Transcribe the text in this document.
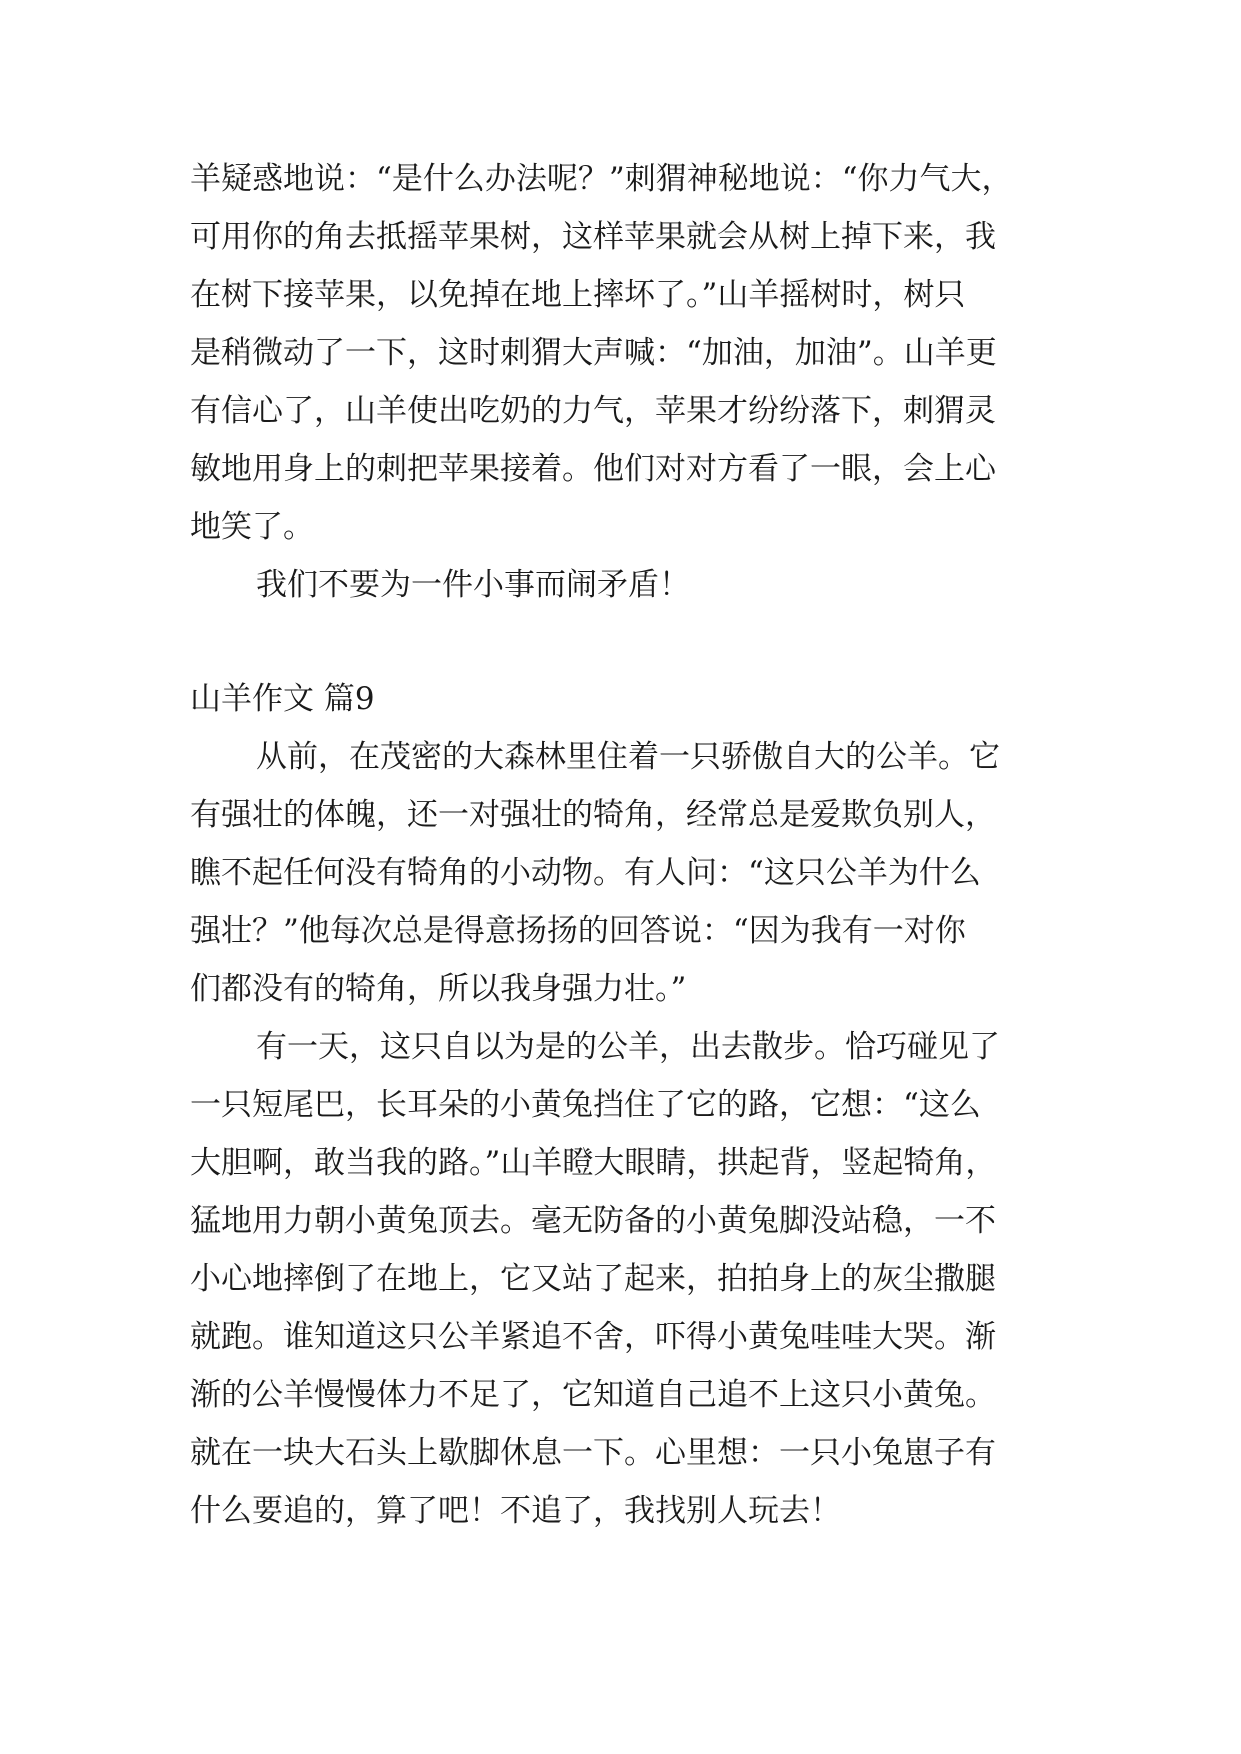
羊疑惑地说：“是什么办法呢？”刺猬神秘地说：“你力气大，
可用你的角去抵摇苹果树，这样苹果就会从树上掉下来，我
在树下接苹果，以免掉在地上摔坏了。”山羊摇树时，树只
是稍微动了一下，这时刺猬大声喊：“加油，加油”。山羊更
有信心了，山羊使出吃奶的力气，苹果才纷纷落下，刺猬灵
敏地用身上的刺把苹果接着。他们对对方看了一眼，会上心
地笑了。

我们不要为一件小事而闹矛盾！

山羊作文 篇9

从前，在茂密的大森林里住着一只骄傲自大的公羊。它
有强壮的体魄，还一对强壮的犄角，经常总是爱欺负别人，
瞧不起任何没有犄角的小动物。有人问：“这只公羊为什么
强壮？”他每次总是得意扬扬的回答说：“因为我有一对你
们都没有的犄角，所以我身强力壮。”

有一天，这只自以为是的公羊，出去散步。恰巧碰见了
一只短尾巴，长耳朵的小黄兔挡住了它的路，它想：“这么
大胆啊，敢当我的路。”山羊瞪大眼睛，拱起背，竖起犄角，
猛地用力朝小黄兔顶去。毫无防备的小黄兔脚没站稳，一不
小心地摔倒了在地上，它又站了起来，拍拍身上的灰尘撒腿
就跑。谁知道这只公羊紧追不舍，吓得小黄兔哇哇大哭。渐
渐的公羊慢慢体力不足了，它知道自己追不上这只小黄兔。
就在一块大石头上歇脚休息一下。心里想：一只小兔崽子有
什么要追的，算了吧！不追了，我找别人玩去！
